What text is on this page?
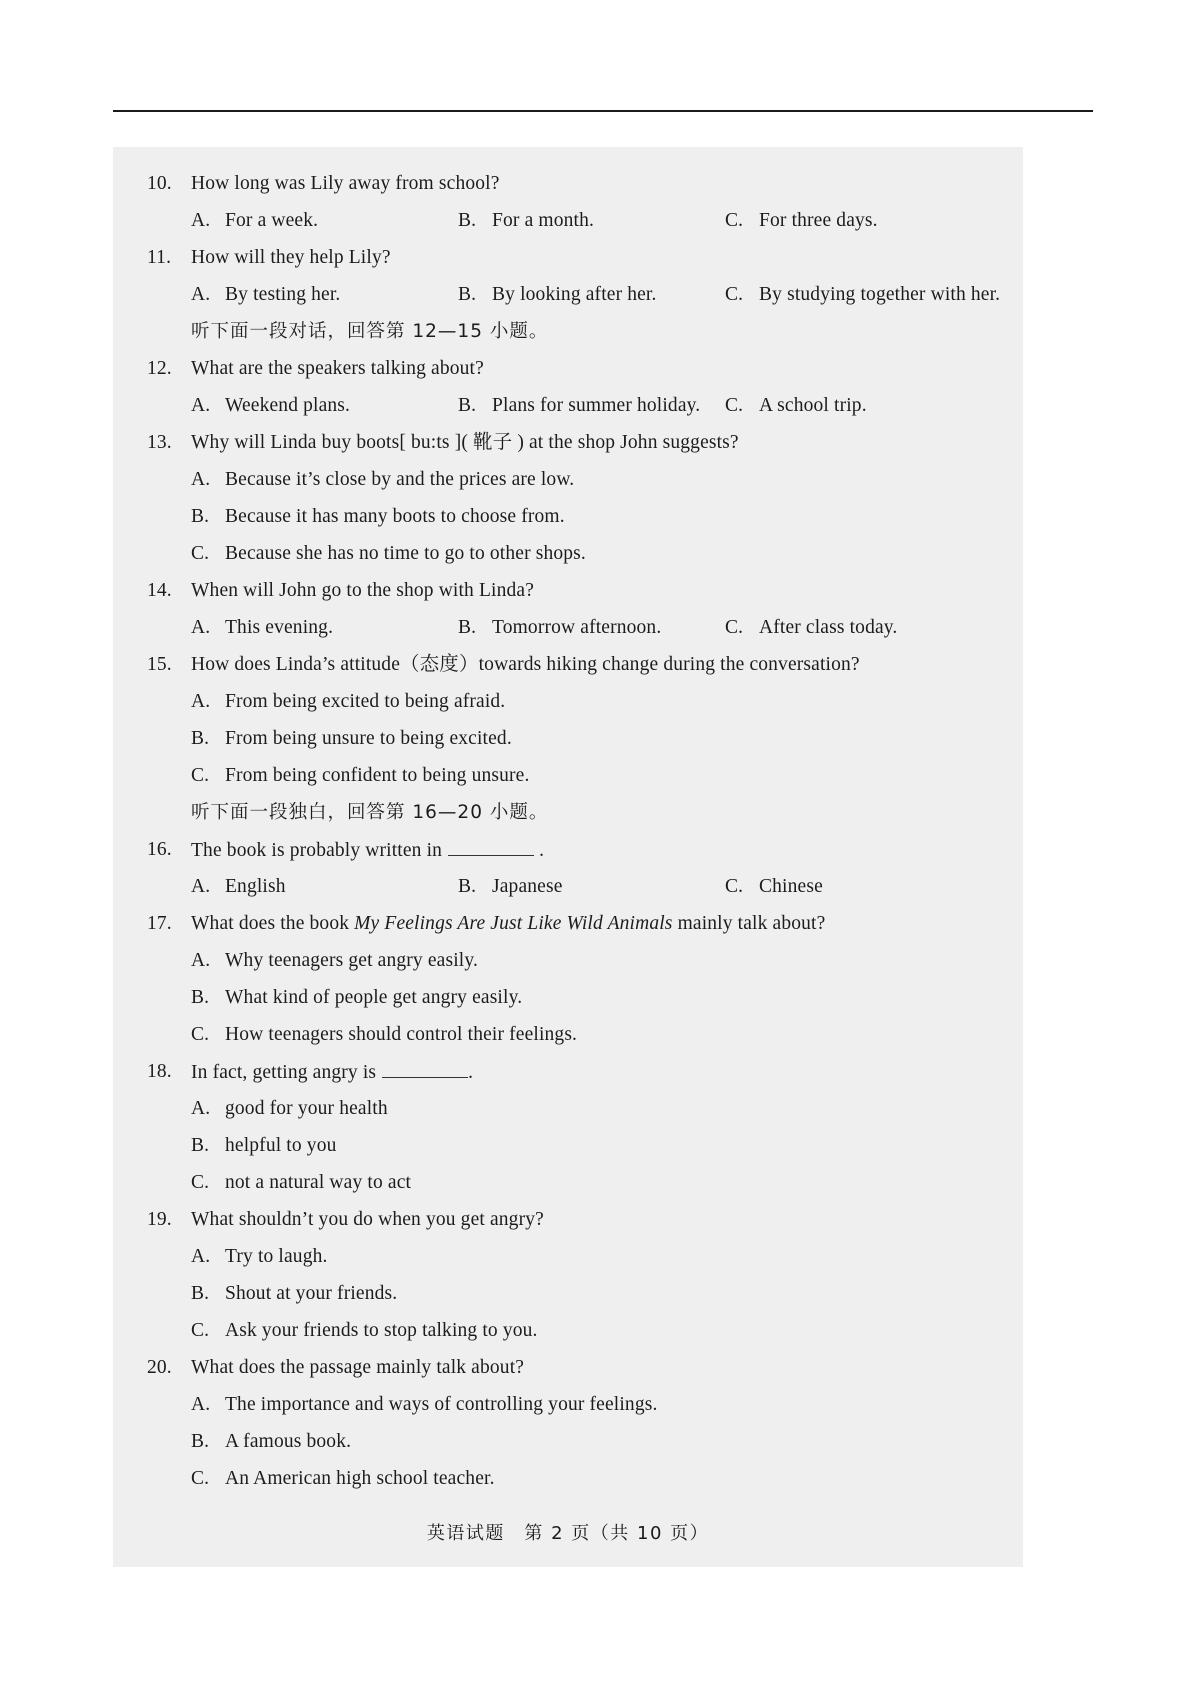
10. How long was Lily away from school?
A. For a week.	B. For a month.	C. For three days.
11. How will they help Lily?
A. By testing her.	B. By looking after her.	C. By studying together with her.
听下面一段对话，回答第 12—15 小题。
12. What are the speakers talking about?
A. Weekend plans.	B. Plans for summer holiday. C. A school trip.
13. Why will Linda buy boots[ bu:ts ]( 靴子 ) at the shop John suggests?
A. Because it’s close by and the prices are low.
B. Because it has many boots to choose from.
C. Because she has no time to go to other shops.
14. When will John go to the shop with Linda?
A. This evening.	B. Tomorrow afternoon.	C. After class today.
15. How does Linda’s attitude（态度）towards hiking change during the conversation?
A. From being excited to being afraid.
B. From being unsure to being excited.
C. From being confident to being unsure.
听下面一段独白，回答第 16—20 小题。
16. The book is probably written in	.
A. English	B. Japanese	C. Chinese
17. What does the book My Feelings Are Just Like Wild Animals mainly talk about?
A. Why teenagers get angry easily.
B. What kind of people get angry easily.
C. How teenagers should control their feelings.
18. In fact, getting angry is	.
A. good for your health
B. helpful to you
C. not a natural way to act
19. What shouldn’t you do when you get angry?
A. Try to laugh.
B. Shout at your friends.
C. Ask your friends to stop talking to you.
20. What does the passage mainly talk about?
A. The importance and ways of controlling your feelings.
B. A famous book.
C. An American high school teacher.
英语试题　第 2 页（共 10 页）
